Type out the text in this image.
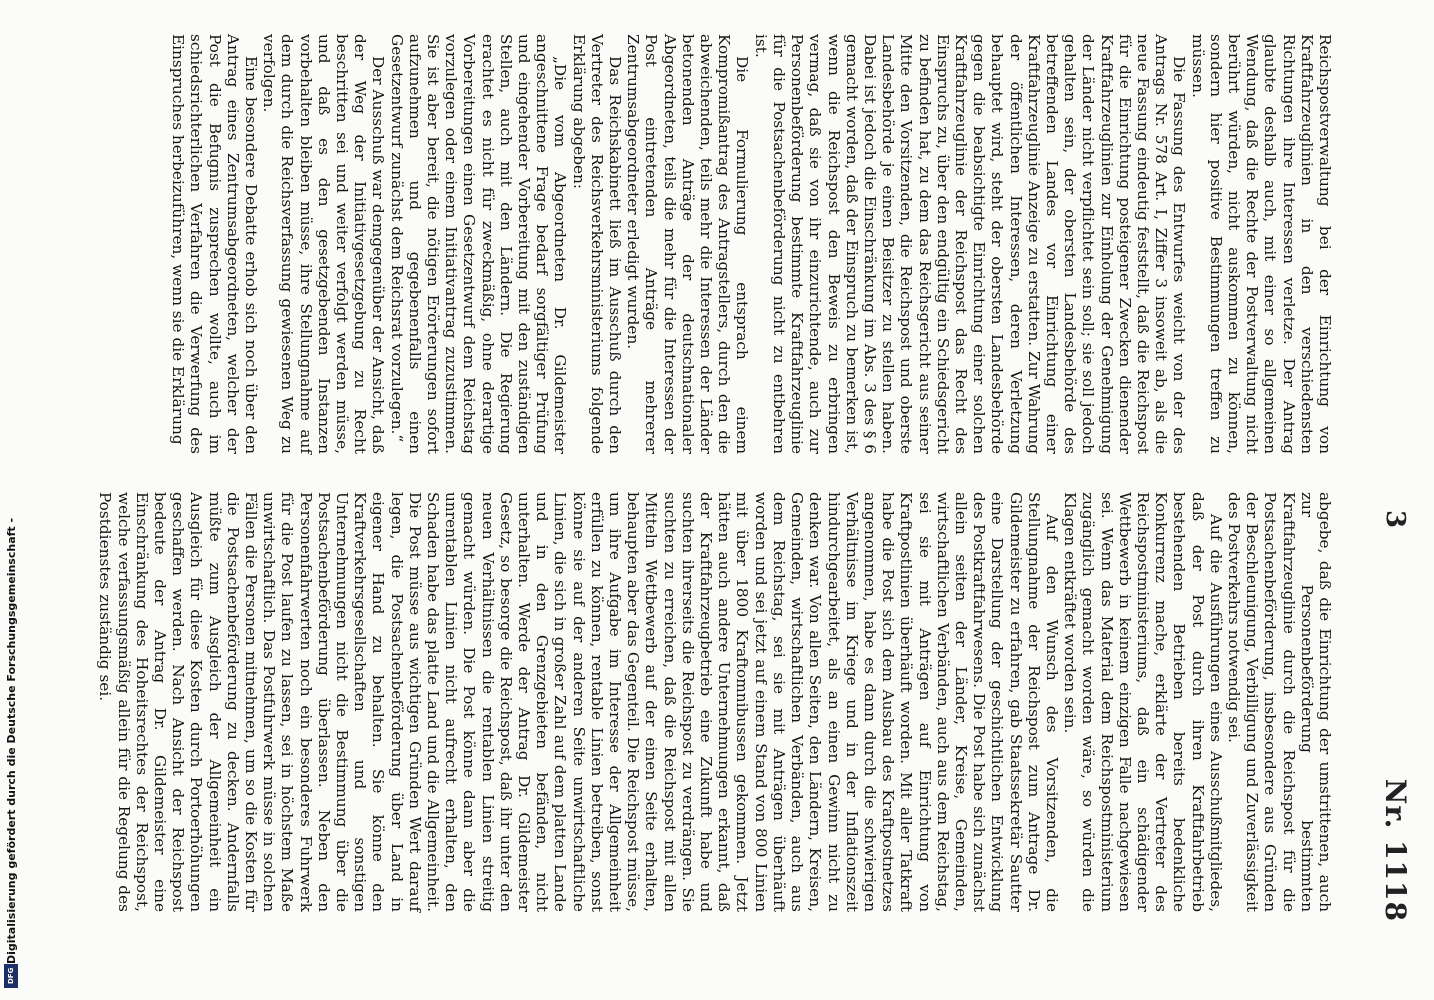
3
Nr. 1118

Reichspostverwaltung bei der Einrichtung von Kraftfahrzeuglinien in den verschiedensten Richtungen ihre Interessen verletze. Der Antrag glaubte deshalb auch, mit einer so allgemeinen Wendung, daß die Rechte der Postverwaltung nicht berührt würden, nicht auskommen zu können, sondern hier positive Bestimmungen treffen zu müssen.

Die Fassung des Entwurfes weicht von der des Antrags Nr. 578 Art. I, Ziffer 3 insoweit ab, als die neue Fassung eindeutig feststellt, daß die Reichspost für die Einrichtung posteigener Zwecken dienender Kraftfahrzeuglinien zur Einholung der Genehmigung der Länder nicht verpflichtet sein soll; sie soll jedoch gehalten sein, der obersten Landesbehörde des betreffenden Landes vor Einrichtung einer Kraftfahrzeuglinie Anzeige zu erstatten. Zur Wahrung der öffentlichen Interessen, deren Verletzung behauptet wird, steht der obersten Landesbehörde gegen die beabsichtigte Einrichtung einer solchen Kraftfahrzeuglinie der Reichspost das Recht des Einspruchs zu, über den endgültig ein Schiedsgericht zu befinden hat, zu dem das Reichsgericht aus seiner Mitte den Vorsitzenden, die Reichspost und oberste Landesbehörde je einen Beisitzer zu stellen haben. Dabei ist jedoch die Einschränkung im Abs. 3 des § 6 gemacht worden, daß der Einspruch zu bemerken ist, wenn die Reichspost den Beweis zu erbringen vermag, daß sie von ihr einzurichtende, auch zur Personenbeförderung bestimmte Kraftfahrzeuglinie für die Postsachenbeförderung nicht zu entbehren ist.

Die Formulierung entsprach einem Kompromißantrag des Antragstellers, durch den die abweichenden, teils mehr die Interessen der Länder betonenden Anträge der deutschnationaler Abgeordneten, teils die mehr für die Interessen der Post eintretenden Anträge mehrerer Zentrumsabgeordneter erledigt wurden.

Das Reichskabinett ließ im Ausschuß durch den Vertreter des Reichsverkehrsministeriums folgende Erklärung abgeben:

„Die vom Abgeordneten Dr. Gildemeister angeschnittene Frage bedarf sorgfältiger Prüfung und eingehender Vorbereitung mit den zuständigen Stellen, auch mit den Ländern. Die Regierung erachtet es nicht für zweckmäßig, ohne derartige Vorbereitungen einen Gesetzentwurf dem Reichstag vorzulegen oder einem Initiativantrag zuzustimmen. Sie ist aber bereit, die nötigen Erörterungen sofort aufzunehmen und gegebenenfalls einen Gesetzentwurf zunächst dem Reichsrat vorzulegen.“

Der Ausschuß war demgegenüber der Ansicht, daß der Weg der Initiativgesetzgebung zu Recht beschritten sei und weiter verfolgt werden müsse, und daß es den gesetzgebenden Instanzen vorbehalten bleiben müsse, ihre Stellungnahme auf dem durch die Reichsverfassung gewiesenen Weg zu verfolgen.

Eine besondere Debatte erhob sich noch über den Antrag eines Zentrumsabgeordneten, welcher der Post die Befugnis zusprechen wollte, auch im schiedsrichterlichen Verfahren die Verwerfung des Einspruches herbeizuführen, wenn sie die Erklärung

abgebe, daß die Einrichtung der umstrittenen, auch zur Personenbeförderung bestimmten Kraftfahrzeuglinie durch die Reichspost für die Postsachenbeförderung, insbesondere aus Gründen der Beschleunigung, Verbilligung und Zuverlässigkeit des Postverkehrs notwendig sei.

Auf die Ausführungen eines Ausschußmitgliedes, daß der Post durch ihren Kraftfahrbetrieb bestehenden Betrieben bereits bedenkliche Konkurrenz mache, erklärte der Vertreter des Reichspostministeriums, daß ein schädigender Wettbewerb in keinem einzigen Falle nachgewiesen sei. Wenn das Material dem Reichspostministerium zugänglich gemacht worden wäre, so würden die Klagen entkräftet worden sein.

Auf den Wunsch des Vorsitzenden, die Stellungnahme der Reichspost zum Antrage Dr. Gildemeister zu erfahren, gab Staatssekretär Sautter eine Darstellung der geschichtlichen Entwicklung des Postkraftfahrwesens. Die Post habe sich zunächst allein seiten der Länder, Kreise, Gemeinden, wirtschaftlichen Verbänden, auch aus dem Reichstag, sei sie mit Anträgen auf Einrichtung von Kraftpostlinien überhäuft worden. Mit aller Tatkraft habe die Post sich dem Ausbau des Kraftpostnetzes angenommen, habe es dann durch die schwierigen Verhältnisse im Kriege und in der Inflationszeit hindurchgearbeitet, als an einen Gewinn nicht zu denken war. Von allen Seiten, den Ländern, Kreisen, Gemeinden, wirtschaftlichen Verbänden, auch aus dem Reichstag, sei sie mit Anträgen überhäuft worden und sei jetzt auf einem Stand von 800 Linien mit über 1800 Kraftomnibussen gekommen. Jetzt hätten auch andere Unternehmungen erkannt, daß der Kraftfahrzeugbetrieb eine Zukunft habe und suchten ihrerseits die Reichspost zu verdrängen. Sie suchten zu erreichen, daß die Reichspost mit allen Mitteln Wettbewerb auf der einen Seite erhalten, behaupten aber das Gegenteil. Die Reichspost müsse, um ihre Aufgabe im Interesse der Allgemeinheit erfüllen zu können, rentable Linien betreiben, sonst könne sie auf der anderen Seite unwirtschaftliche Linien, die sich in großer Zahl auf dem platten Lande und in den Grenzgebieten befänden, nicht unterhalten. Werde der Antrag Dr. Gildemeister Gesetz, so besorge die Reichspost, daß ihr unter den neuen Verhältnissen die rentablen Linien streitig gemacht würden. Die Post könne dann aber die unrentablen Linien nicht aufrecht erhalten, den Schaden habe das platte Land und die Allgemeinheit. Die Post müsse aus wichtigen Gründen Wert darauf legen, die Postsachenbeförderung über Land in eigener Hand zu behalten. Sie könne den Kraftverkehrsgesellschaften und sonstigen Unternehmungen nicht die Bestimmung über die Postsachenbeförderung überlassen. Neben den Personenfahrwerten noch ein besonderes Fuhrwerk für die Post laufen zu lassen, sei in höchstem Maße unwirtschaftlich. Das Postfuhrwerk müsse in solchen Fällen die Personen mitnehmen, um so die Kosten für die Postsachenbeförderung zu decken. Andernfalls müßte zum Ausgleich der Allgemeinheit ein Ausgleich für diese Kosten durch Portoerhöhungen geschaffen werden. Nach Ansicht der Reichspost bedeute der Antrag Dr. Gildemeister eine Einschränkung des Hoheitsrechtes der Reichspost, welche verfassungsmäßig allein für die Regelung des Postdienstes zuständig sei.

DFG
Digitalisierung gefördert durch die Deutsche Forschungsgemeinschaft -
